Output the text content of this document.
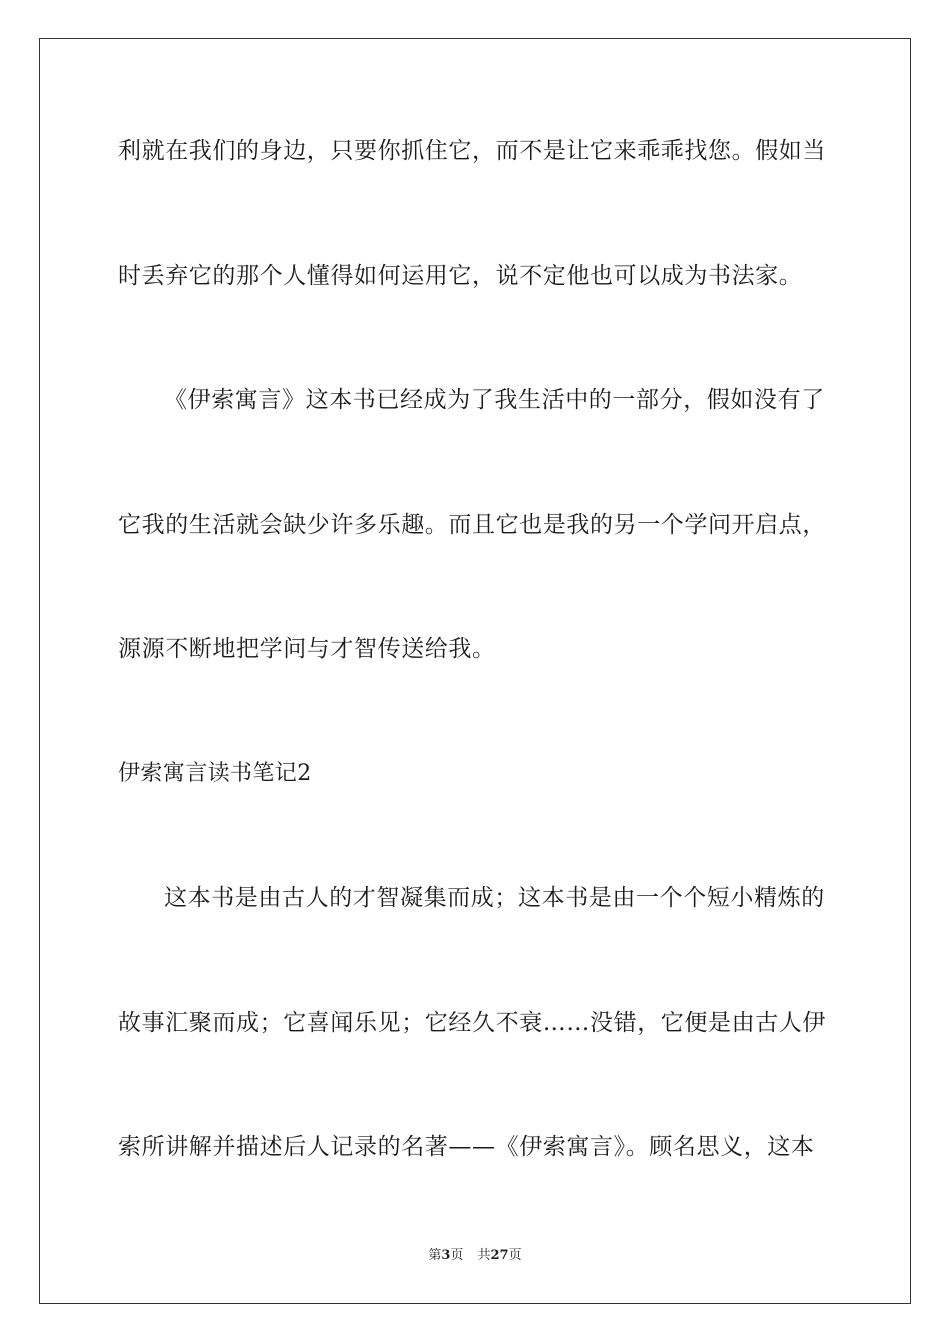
利就在我们的身边，只要你抓住它，而不是让它来乖乖找您。假如当
时丢弃它的那个人懂得如何运用它，说不定他也可以成为书法家。
《伊索寓言》这本书已经成为了我生活中的一部分，假如没有了
它我的生活就会缺少许多乐趣。而且它也是我的另一个学问开启点，
源源不断地把学问与才智传送给我。
伊索寓言读书笔记2
这本书是由古人的才智凝集而成；这本书是由一个个短小精炼的
故事汇聚而成；它喜闻乐见；它经久不衰……没错，它便是由古人伊
索所讲解并描述后人记录的名著——《伊索寓言》。顾名思义，这本
第3页 共27页
